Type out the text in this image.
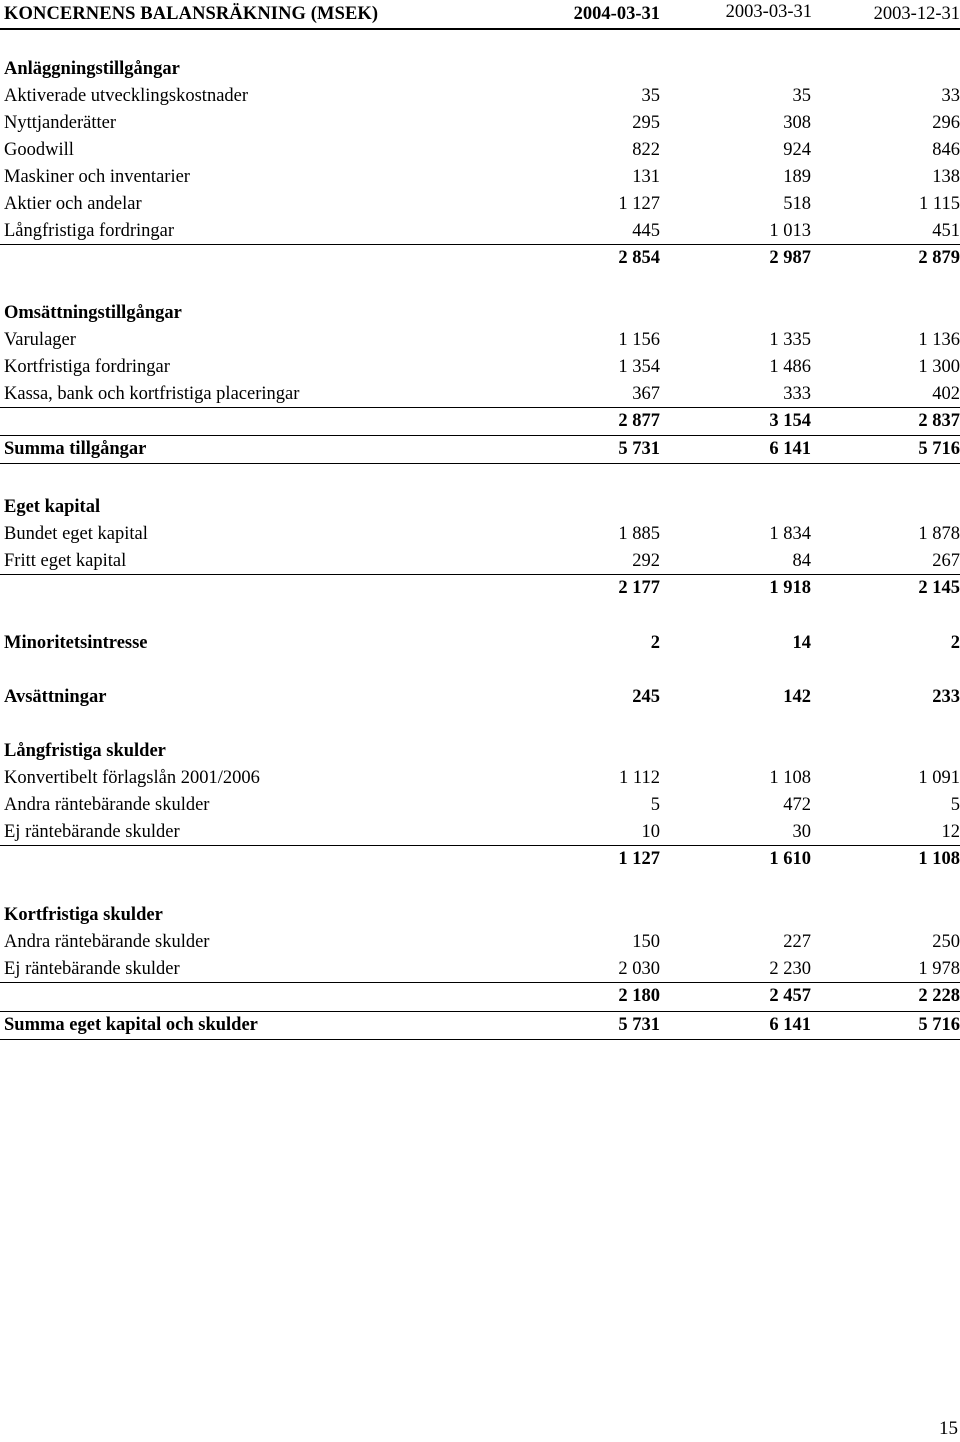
KONCERNENS BALANSRÄKNING (MSEK)	2004-03-31	2003-03-31	2003-12-31
Anläggningstillgångar
Aktiverade utvecklingskostnader	35	35	33
Nyttjanderätter	295	308	296
Goodwill	822	924	846
Maskiner och inventarier	131	189	138
Aktier och andelar	1 127	518	1 115
Långfristiga fordringar	445	1 013	451
2 854	2 987	2 879
Omsättningstillgångar
Varulager	1 156	1 335	1 136
Kortfristiga fordringar	1 354	1 486	1 300
Kassa, bank och kortfristiga placeringar	367	333	402
2 877	3 154	2 837
Summa tillgångar	5 731	6 141	5 716
Eget kapital
Bundet eget kapital	1 885	1 834	1 878
Fritt eget kapital	292	84	267
2 177	1 918	2 145
Minoritetsintresse	2	14	2
Avsättningar	245	142	233
Långfristiga skulder
Konvertibelt förlagslån 2001/2006	1 112	1 108	1 091
Andra räntebärande skulder	5	472	5
Ej räntebärande skulder	10	30	12
1 127	1 610	1 108
Kortfristiga skulder
Andra räntebärande skulder	150	227	250
Ej räntebärande skulder	2 030	2 230	1 978
2 180	2 457	2 228
Summa eget kapital och skulder	5 731	6 141	5 716
15
